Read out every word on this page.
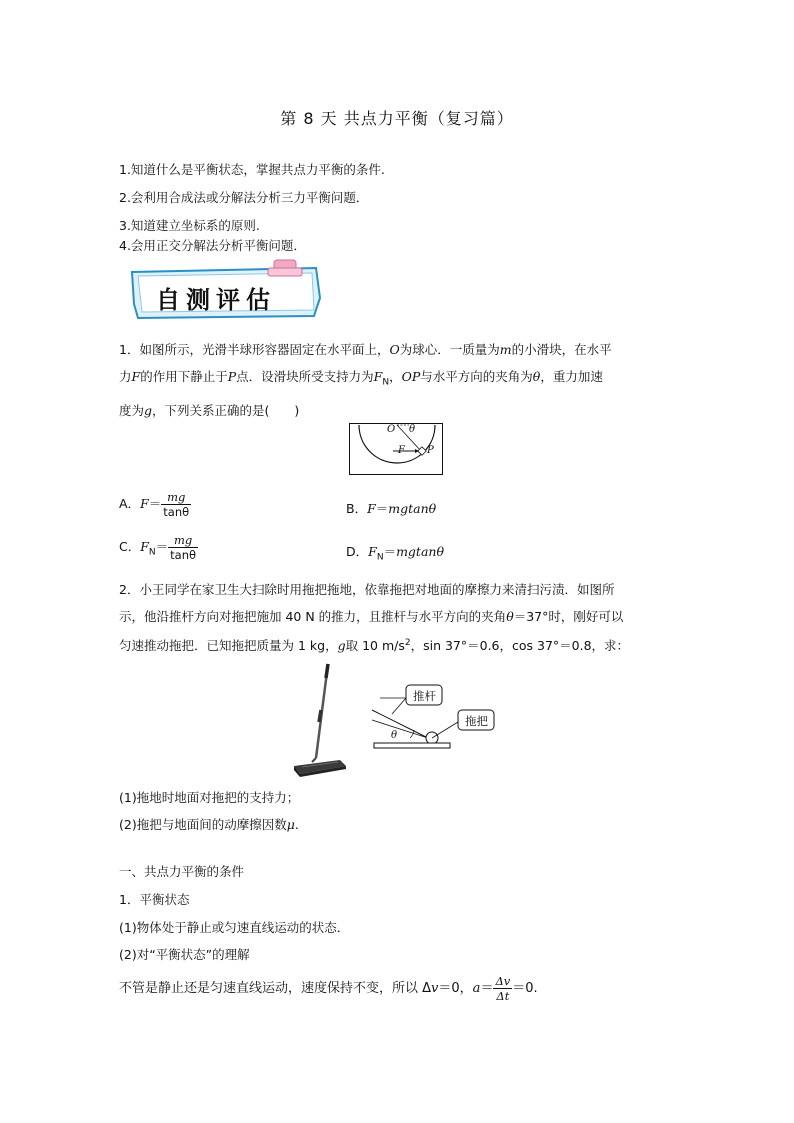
第 8 天 共点力平衡（复习篇）
1.知道什么是平衡状态，掌握共点力平衡的条件.
2.会利用合成法或分解法分析三力平衡问题．
3.知道建立坐标系的原则.
4.会用正交分解法分析平衡问题．
自测评估
1．如图所示，光滑半球形容器固定在水平面上，O为球心．一质量为m的小滑块，在水平
力F的作用下静止于P点．设滑块所受支持力为$F_N$，OP与水平方向的夹角为θ，重力加速
度为g，下列关系正确的是(　　)
O θ
F P
A．$F= \frac{mg}{\tan\theta}$	B．F＝mgtanθ
C．$F_N= \frac{mg}{\tan\theta}$	D．$F_N=mgtan\theta$
2．小王同学在家卫生大扫除时用拖把拖地，依靠拖把对地面的摩擦力来清扫污渍．如图所
示，他沿推杆方向对拖把施加 40 N 的推力，且推杆与水平方向的夹角θ＝37°时，刚好可以
匀速推动拖把．已知拖把质量为 1 kg，g取 10 $m/s^2$，sin 37°＝0.6，cos 37°＝0.8，求：
推杆
拖把
θ
(1)拖地时地面对拖把的支持力；
(2)拖把与地面间的动摩擦因数μ.
一、共点力平衡的条件
1．平衡状态
(1)物体处于静止或匀速直线运动的状态．
(2)对“平衡状态”的理解
不管是静止还是匀速直线运动，速度保持不变，所以 Δv＝0，$a= \frac{\Delta v}{\Delta t} =0$.
